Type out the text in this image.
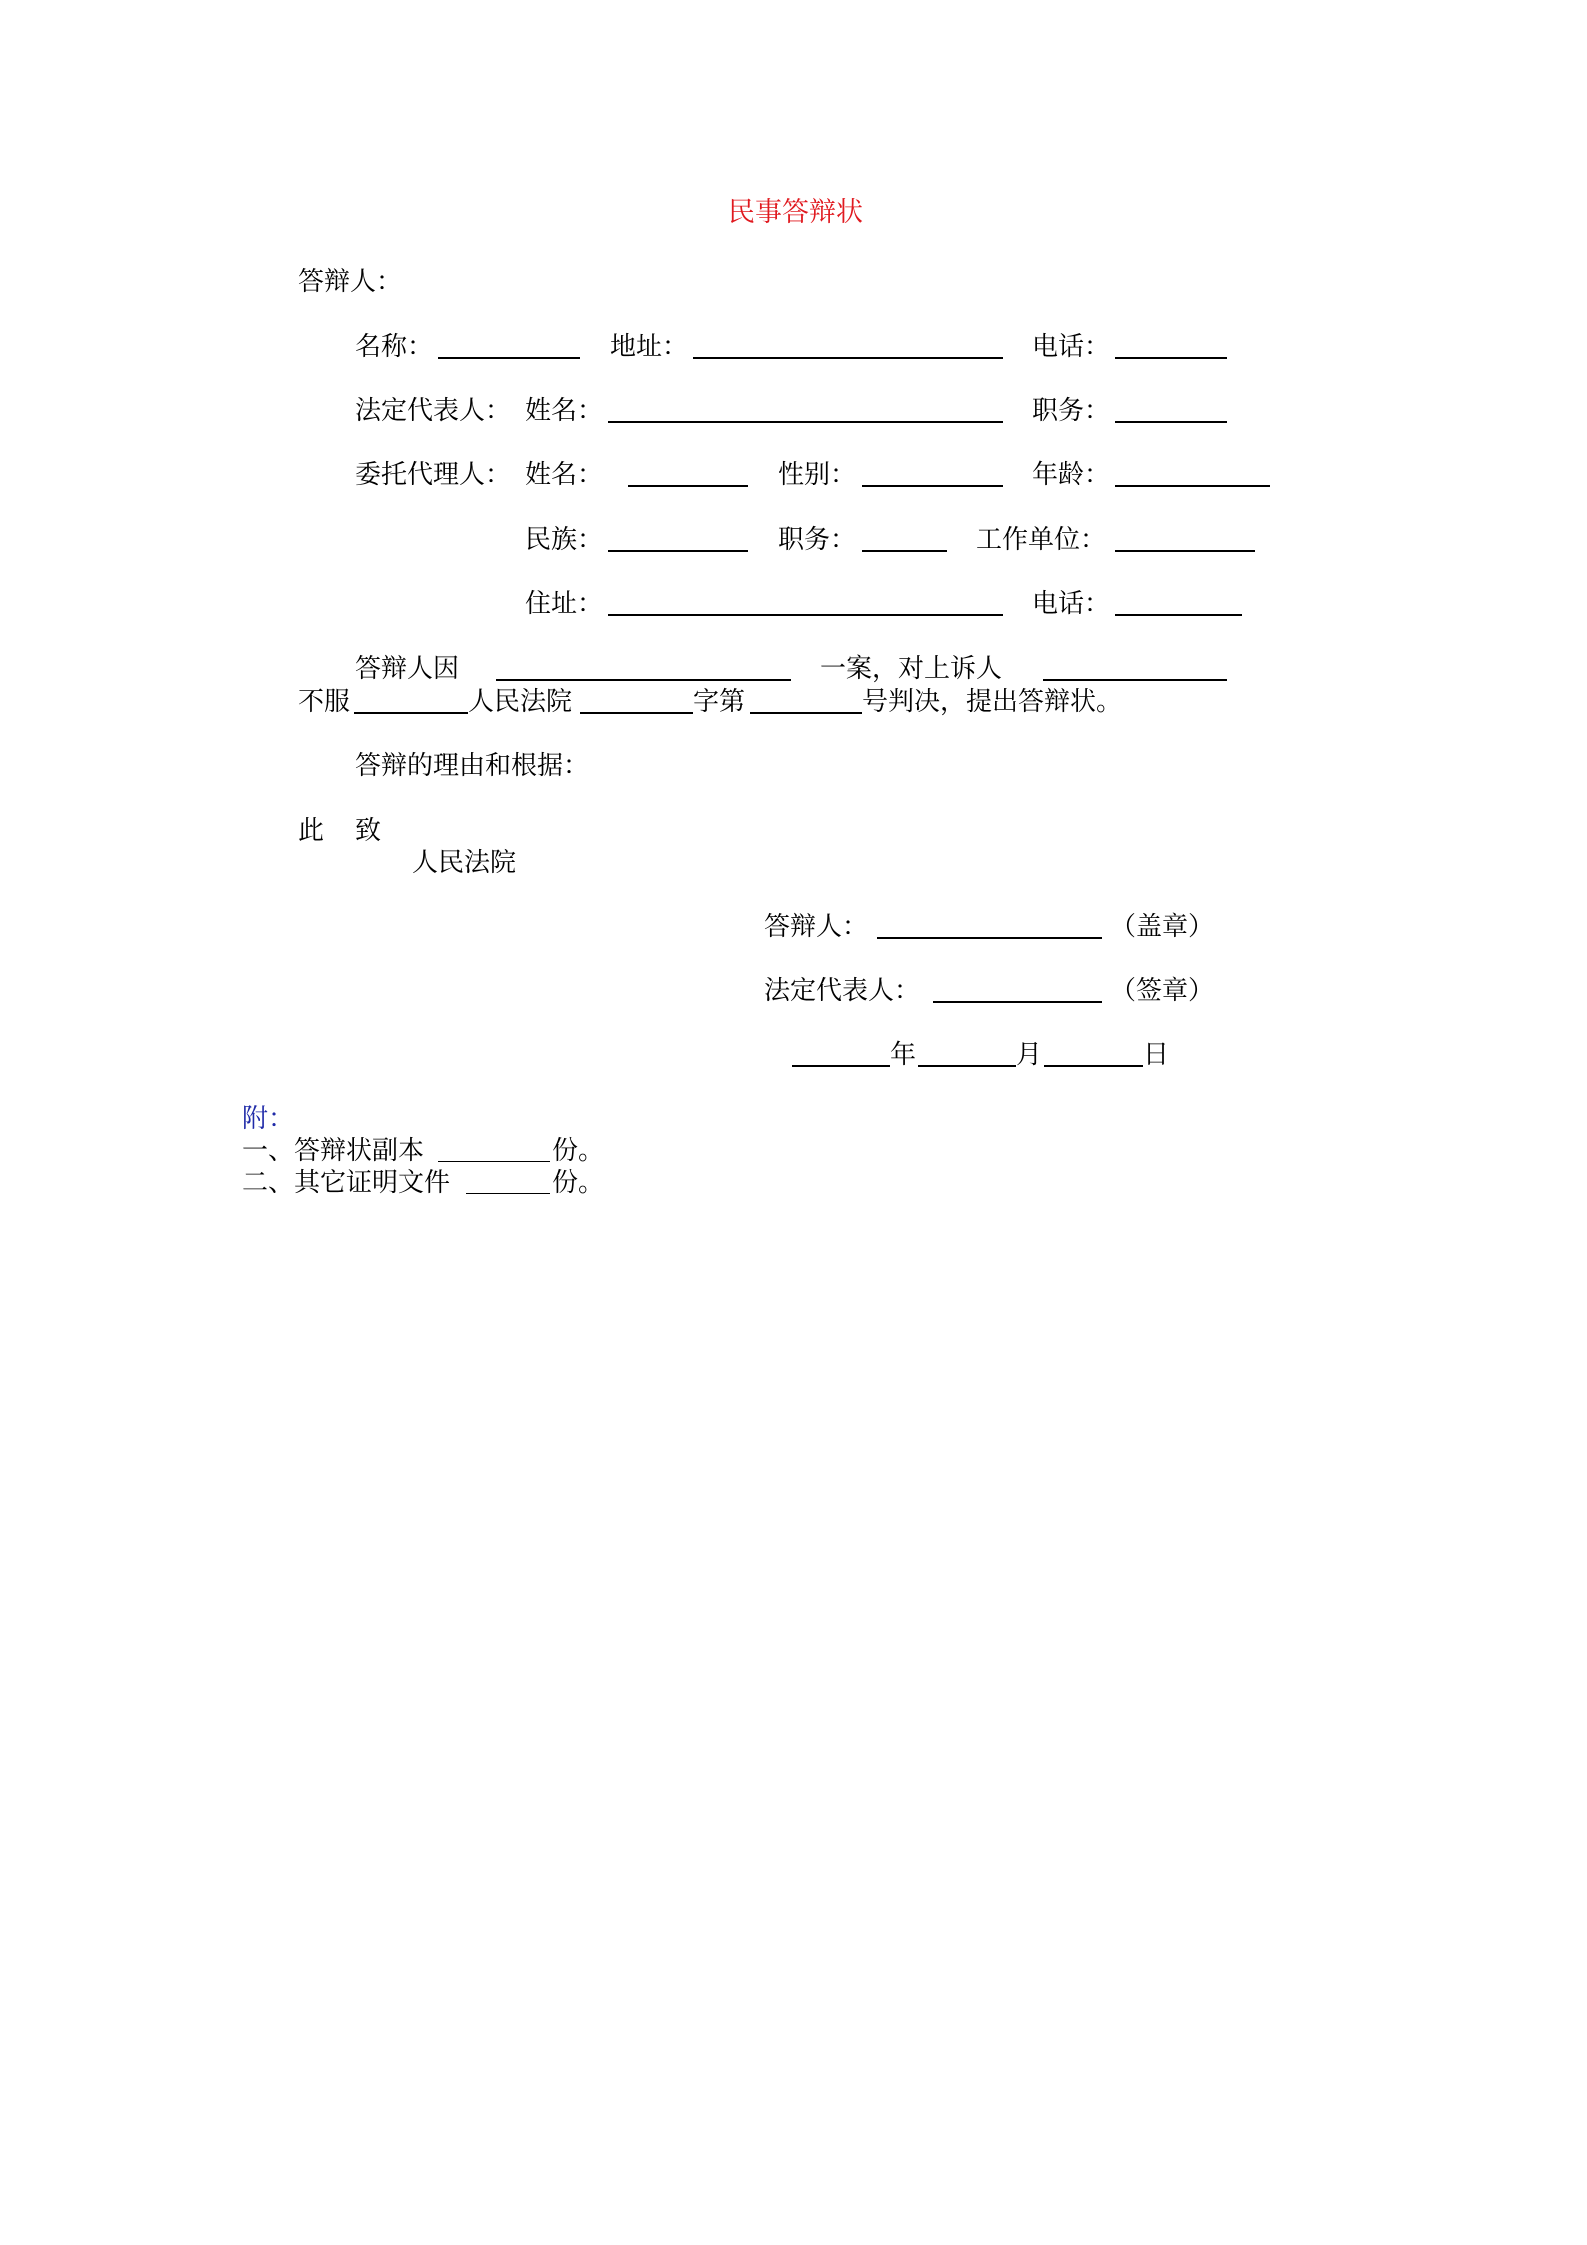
民事答辩状
答辩人：
名称：	地址：	电话：
法定代表人： 姓名：	职务：
委托代理人： 姓名：	性别：	年龄：
民族：	职务：	工作单位：
住址：	电话：
答辩人因	一案，对上诉人
不服	人民法院	字第	号判决，提出答辩状。
答辩的理由和根据：
此 致
人民法院
答辩人：	（盖章）
法定代表人：	（签章）
年	月	日
附：
一、答辩状副本	份。
二、其它证明文件	份。
